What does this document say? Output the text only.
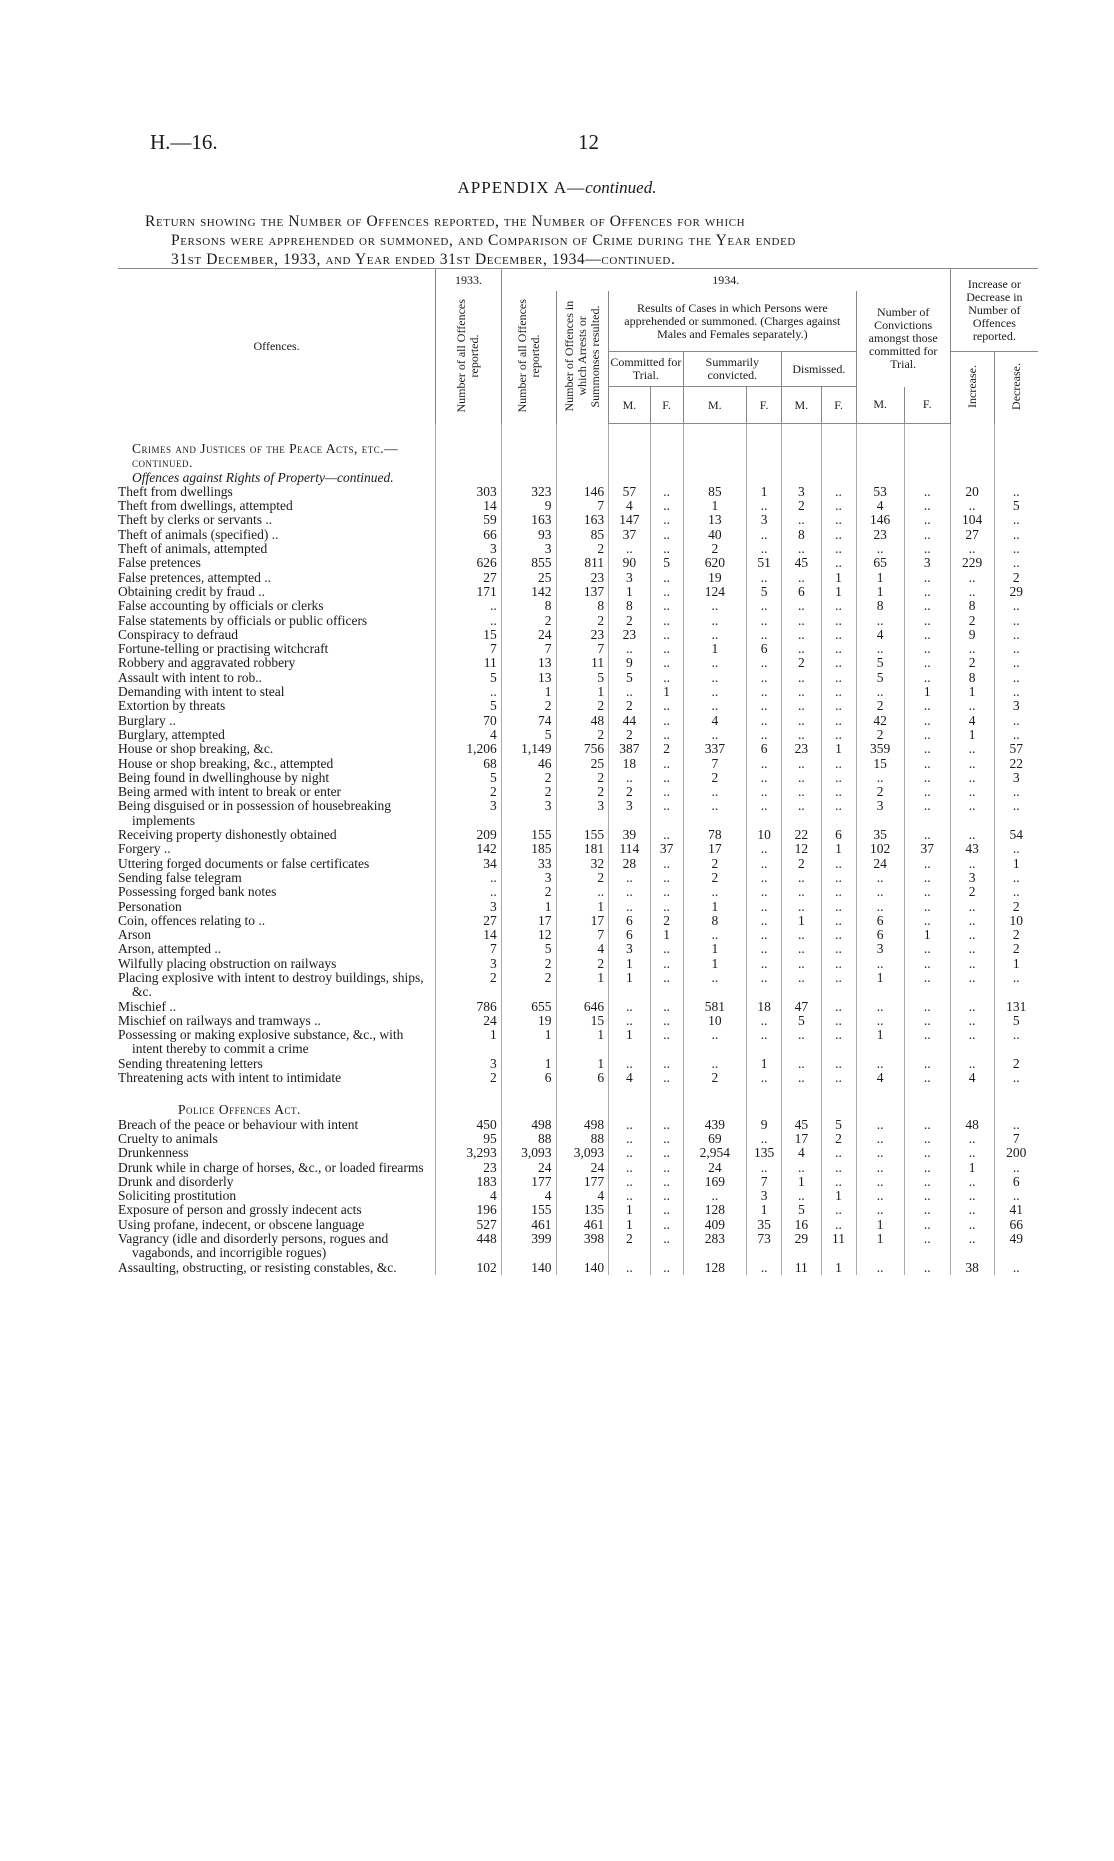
H.—16.	12
APPENDIX A—continued.
Return showing the Number of Offences reported, the Number of Offences for which
Persons were apprehended or summoned, and Comparison of Crime during the Year ended
31st December, 1933, and Year ended 31st December, 1934—continued.
Offences.	1933.	1934.										Increase or Decrease in Number of Offences reported.	
	Number of all Offences reported.	Number of all Offences reported.	Number of Offences in which Arrests or Summonses resulted.	Results of Cases in which Persons were apprehended or summoned. (Charges against Males and Females separately.)						Number of Convictions amongst those committed for Trial.			
				Committed for Trial.		Summarily convicted.		Dismissed.				Increase.	Decrease.
				M.	F.	M.	F.	M.	F.	M.	F.		

Crimes and Justices of the Peace Acts, etc.—continued.													
Offences against Rights of Property—continued.													
Theft from dwellings	303	323	146	57	..	85	1	3	..	53	..	20	..
Theft from dwellings, attempted	14	9	7	4	..	1	..	2	..	4	..	..	5
Theft by clerks or servants ..	59	163	163	147	..	13	3	..	..	146	..	104	..
Theft of animals (specified) ..	66	93	85	37	..	40	..	8	..	23	..	27	..
Theft of animals, attempted	3	3	2	..	..	2	..	..	..	..	..	..	..
False pretences	626	855	811	90	5	620	51	45	..	65	3	229	..
False pretences, attempted ..	27	25	23	3	..	19	..	..	1	1	..	..	2
Obtaining credit by fraud ..	171	142	137	1	..	124	5	6	1	1	..	..	29
False accounting by officials or clerks	..	8	8	8	..	..	..	..	..	8	..	8	..
False statements by officials or public officers	..	2	2	2	..	..	..	..	..	..	..	2	..
Conspiracy to defraud	15	24	23	23	..	..	..	..	..	4	..	9	..
Fortune-telling or practising witchcraft	7	7	7	..	..	1	6	..	..	..	..	..	..
Robbery and aggravated robbery	11	13	11	9	..	..	..	2	..	5	..	2	..
Assault with intent to rob..	5	13	5	5	..	..	..	..	..	5	..	8	..
Demanding with intent to steal	..	1	1	..	1	..	..	..	..	..	1	1	..
Extortion by threats	5	2	2	2	..	..	..	..	..	2	..	..	3
Burglary ..	70	74	48	44	..	4	..	..	..	42	..	4	..
Burglary, attempted	4	5	2	2	..	..	..	..	..	2	..	1	..
House or shop breaking, &c.	1,206	1,149	756	387	2	337	6	23	1	359	..	..	57
House or shop breaking, &c., attempted	68	46	25	18	..	7	..	..	..	15	..	..	22
Being found in dwellinghouse by night	5	2	2	..	..	2	..	..	..	..	..	..	3
Being armed with intent to break or enter	2	2	2	2	..	..	..	..	..	2	..	..	..
Being disguised or in possession of housebreaking implements	3	3	3	3	..	..	..	..	..	3	..	..	..
Receiving property dishonestly obtained	209	155	155	39	..	78	10	22	6	35	..	..	54
Forgery ..	142	185	181	114	37	17	..	12	1	102	37	43	..
Uttering forged documents or false certificates	34	33	32	28	..	2	..	2	..	24	..	..	1
Sending false telegram	..	3	2	..	..	2	..	..	..	..	..	3	..
Possessing forged bank notes	..	2	..	..	..	..	..	..	..	..	..	2	..
Personation	3	1	1	..	..	1	..	..	..	..	..	..	2
Coin, offences relating to ..	27	17	17	6	2	8	..	1	..	6	..	..	10
Arson	14	12	7	6	1	..	..	..	..	6	1	..	2
Arson, attempted ..	7	5	4	3	..	1	..	..	..	3	..	..	2
Wilfully placing obstruction on railways	3	2	2	1	..	1	..	..	..	..	..	..	1
Placing explosive with intent to destroy buildings, ships, &c.	2	2	1	1	..	..	..	..	..	1	..	..	..
Mischief ..	786	655	646	..	..	581	18	47	..	..	..	..	131
Mischief on railways and tramways ..	24	19	15	..	..	10	..	5	..	..	..	..	5
Possessing or making explosive substance, &c., with intent thereby to commit a crime	1	1	1	1	..	..	..	..	..	1	..	..	..
Sending threatening letters	3	1	1	..	..	..	1	..	..	..	..	..	2
Threatening acts with intent to intimidate	2	6	6	4	..	2	..	..	..	4	..	4	..

Police Offences Act.													
Breach of the peace or behaviour with intent	450	498	498	..	..	439	9	45	5	..	..	48	..
Cruelty to animals	95	88	88	..	..	69	..	17	2	..	..	..	7
Drunkenness	3,293	3,093	3,093	..	..	2,954	135	4	..	..	..	..	200
Drunk while in charge of horses, &c., or loaded firearms	23	24	24	..	..	24	..	..	..	..	..	1	..
Drunk and disorderly	183	177	177	..	..	169	7	1	..	..	..	..	6
Soliciting prostitution	4	4	4	..	..	..	3	..	1	..	..	..	..
Exposure of person and grossly indecent acts	196	155	135	1	..	128	1	5	..	..	..	..	41
Using profane, indecent, or obscene language	527	461	461	1	..	409	35	16	..	1	..	..	66
Vagrancy (idle and disorderly persons, rogues and vagabonds, and incorrigible rogues)	448	399	398	2	..	283	73	29	11	1	..	..	49
Assaulting, obstructing, or resisting constables, &c.	102	140	140	..	..	128	..	11	1	..	..	38	..
